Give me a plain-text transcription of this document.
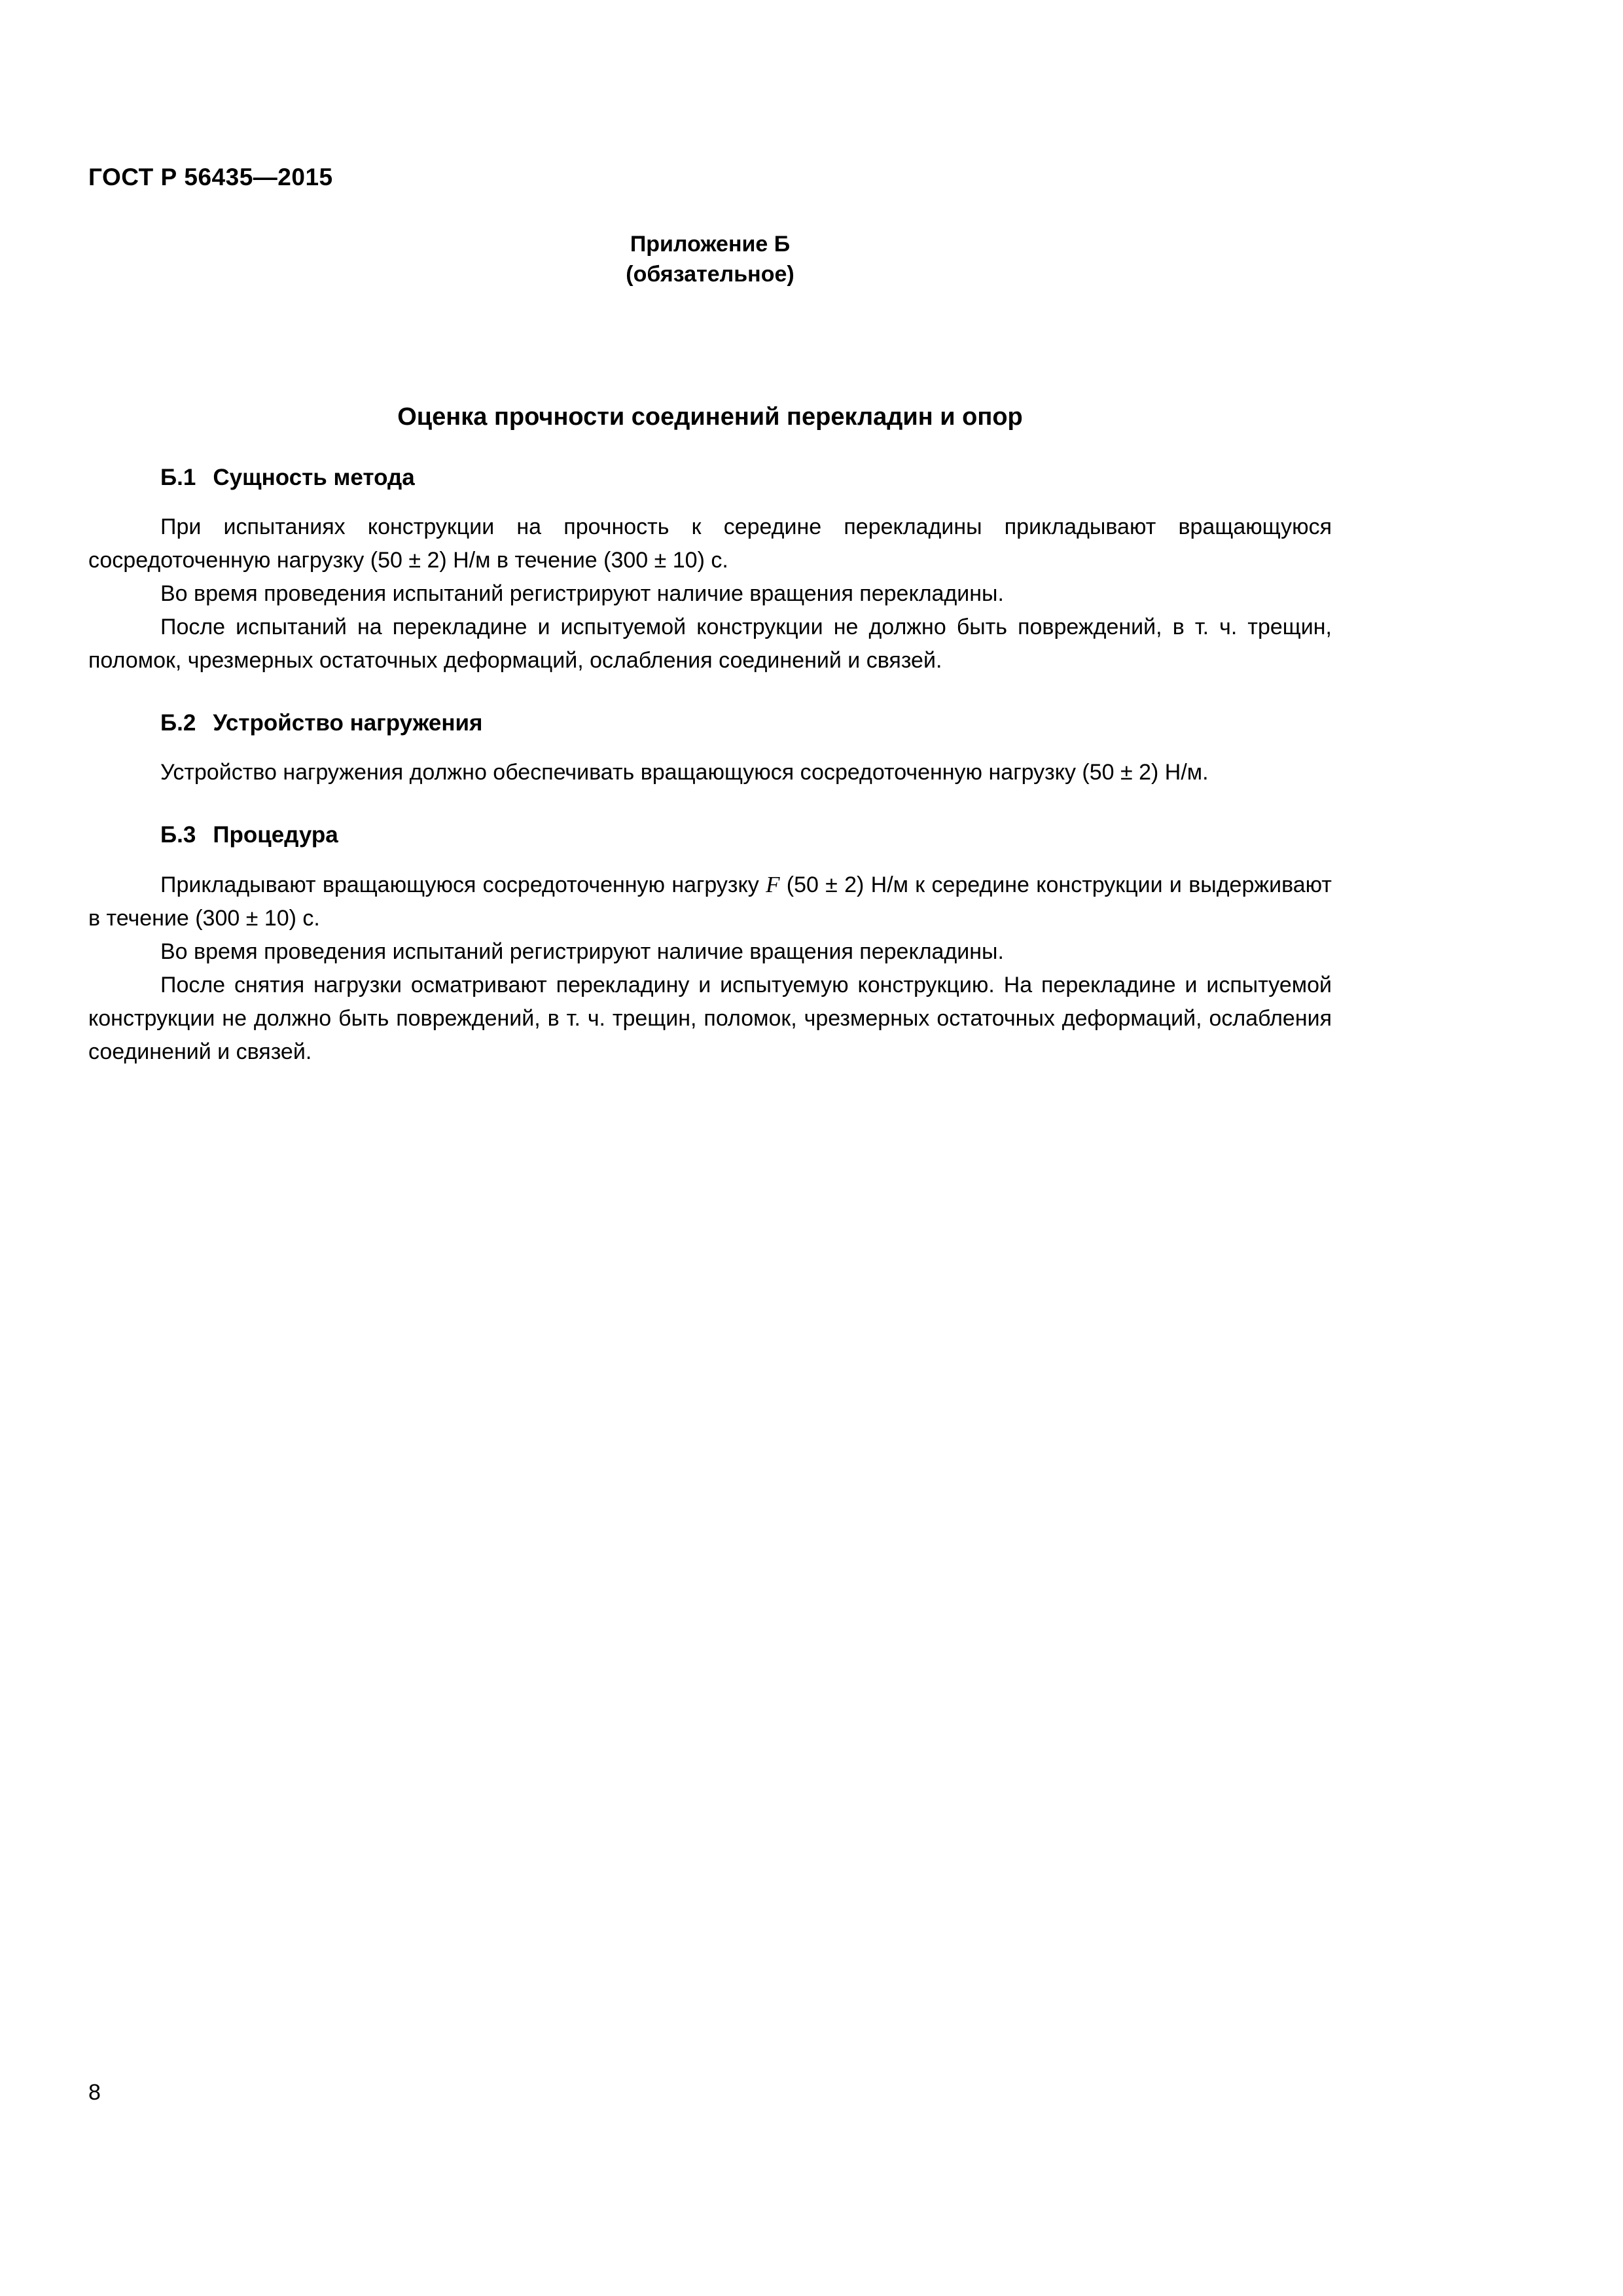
ГОСТ Р 56435—2015
Приложение Б
(обязательное)
Оценка прочности соединений перекладин и опор
Б.1 Сущность метода

При испытаниях конструкции на прочность к середине перекладины прикладывают вращающуюся сосредоточенную нагрузку (50 ± 2) Н/м в течение (300 ± 10) с.

Во время проведения испытаний регистрируют наличие вращения перекладины.

После испытаний на перекладине и испытуемой конструкции не должно быть повреждений, в т. ч. трещин, поломок, чрезмерных остаточных деформаций, ослабления соединений и связей.

Б.2 Устройство нагружения

Устройство нагружения должно обеспечивать вращающуюся сосредоточенную нагрузку (50 ± 2) Н/м.

Б.3 Процедура

Прикладывают вращающуюся сосредоточенную нагрузку F (50 ± 2) Н/м к середине конструкции и выдерживают в течение (300 ± 10) с.

Во время проведения испытаний регистрируют наличие вращения перекладины.

После снятия нагрузки осматривают перекладину и испытуемую конструкцию. На перекладине и испытуемой конструкции не должно быть повреждений, в т. ч. трещин, поломок, чрезмерных остаточных деформаций, ослабления соединений и связей.

8
